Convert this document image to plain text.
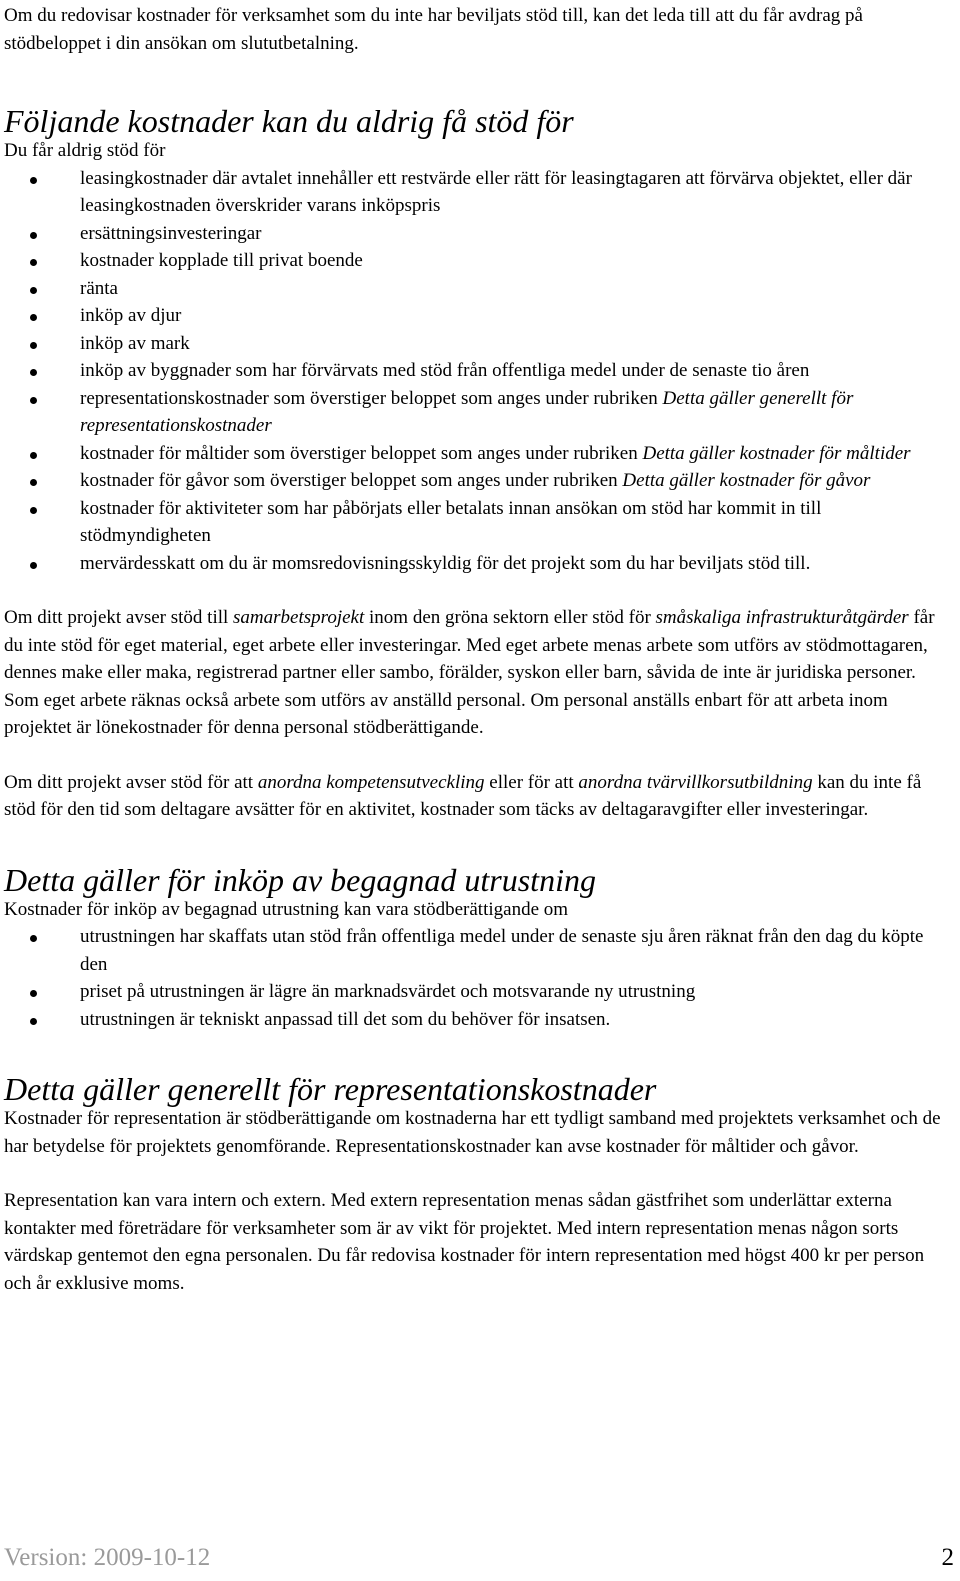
Om du redovisar kostnader för verksamhet som du inte har beviljats stöd till, kan det leda till att du får avdrag på stödbeloppet i din ansökan om slututbetalning.

Följande kostnader kan du aldrig få stöd för

Du får aldrig stöd för

leasingkostnader där avtalet innehåller ett restvärde eller rätt för leasingtagaren att förvärva objektet, eller där leasingkostnaden överskrider varans inköpspris
ersättningsinvesteringar
kostnader kopplade till privat boende
ränta
inköp av djur
inköp av mark
inköp av byggnader som har förvärvats med stöd från offentliga medel under de senaste tio åren
representationskostnader som överstiger beloppet som anges under rubriken Detta gäller generellt för representationskostnader
kostnader för måltider som överstiger beloppet som anges under rubriken Detta gäller kostnader för måltider
kostnader för gåvor som överstiger beloppet som anges under rubriken Detta gäller kostnader för gåvor
kostnader för aktiviteter som har påbörjats eller betalats innan ansökan om stöd har kommit in till stödmyndigheten
mervärdesskatt om du är momsredovisningsskyldig för det projekt som du har beviljats stöd till.

Om ditt projekt avser stöd till samarbetsprojekt inom den gröna sektorn eller stöd för småskaliga infrastrukturåtgärder får du inte stöd för eget material, eget arbete eller investeringar. Med eget arbete menas arbete som utförs av stödmottagaren, dennes make eller maka, registrerad partner eller sambo, förälder, syskon eller barn, såvida de inte är juridiska personer. Som eget arbete räknas också arbete som utförs av anställd personal. Om personal anställs enbart för att arbeta inom projektet är lönekostnader för denna personal stödberättigande.

Om ditt projekt avser stöd för att anordna kompetensutveckling eller för att anordna tvärvillkorsutbildning kan du inte få stöd för den tid som deltagare avsätter för en aktivitet, kostnader som täcks av deltagaravgifter eller investeringar.

Detta gäller för inköp av begagnad utrustning

Kostnader för inköp av begagnad utrustning kan vara stödberättigande om

utrustningen har skaffats utan stöd från offentliga medel under de senaste sju åren räknat från den dag du köpte den
priset på utrustningen är lägre än marknadsvärdet och motsvarande ny utrustning
utrustningen är tekniskt anpassad till det som du behöver för insatsen.
Detta gäller generellt för representationskostnader

Kostnader för representation är stödberättigande om kostnaderna har ett tydligt samband med projektets verksamhet och de har betydelse för projektets genomförande. Representationskostnader kan avse kostnader för måltider och gåvor.

Representation kan vara intern och extern. Med extern representation menas sådan gästfrihet som underlättar externa kontakter med företrädare för verksamheter som är av vikt för projektet. Med intern representation menas någon sorts värdskap gentemot den egna personalen. Du får redovisa kostnader för intern representation med högst 400 kr per person och år exklusive moms.

Version: 2009-10-12	2
